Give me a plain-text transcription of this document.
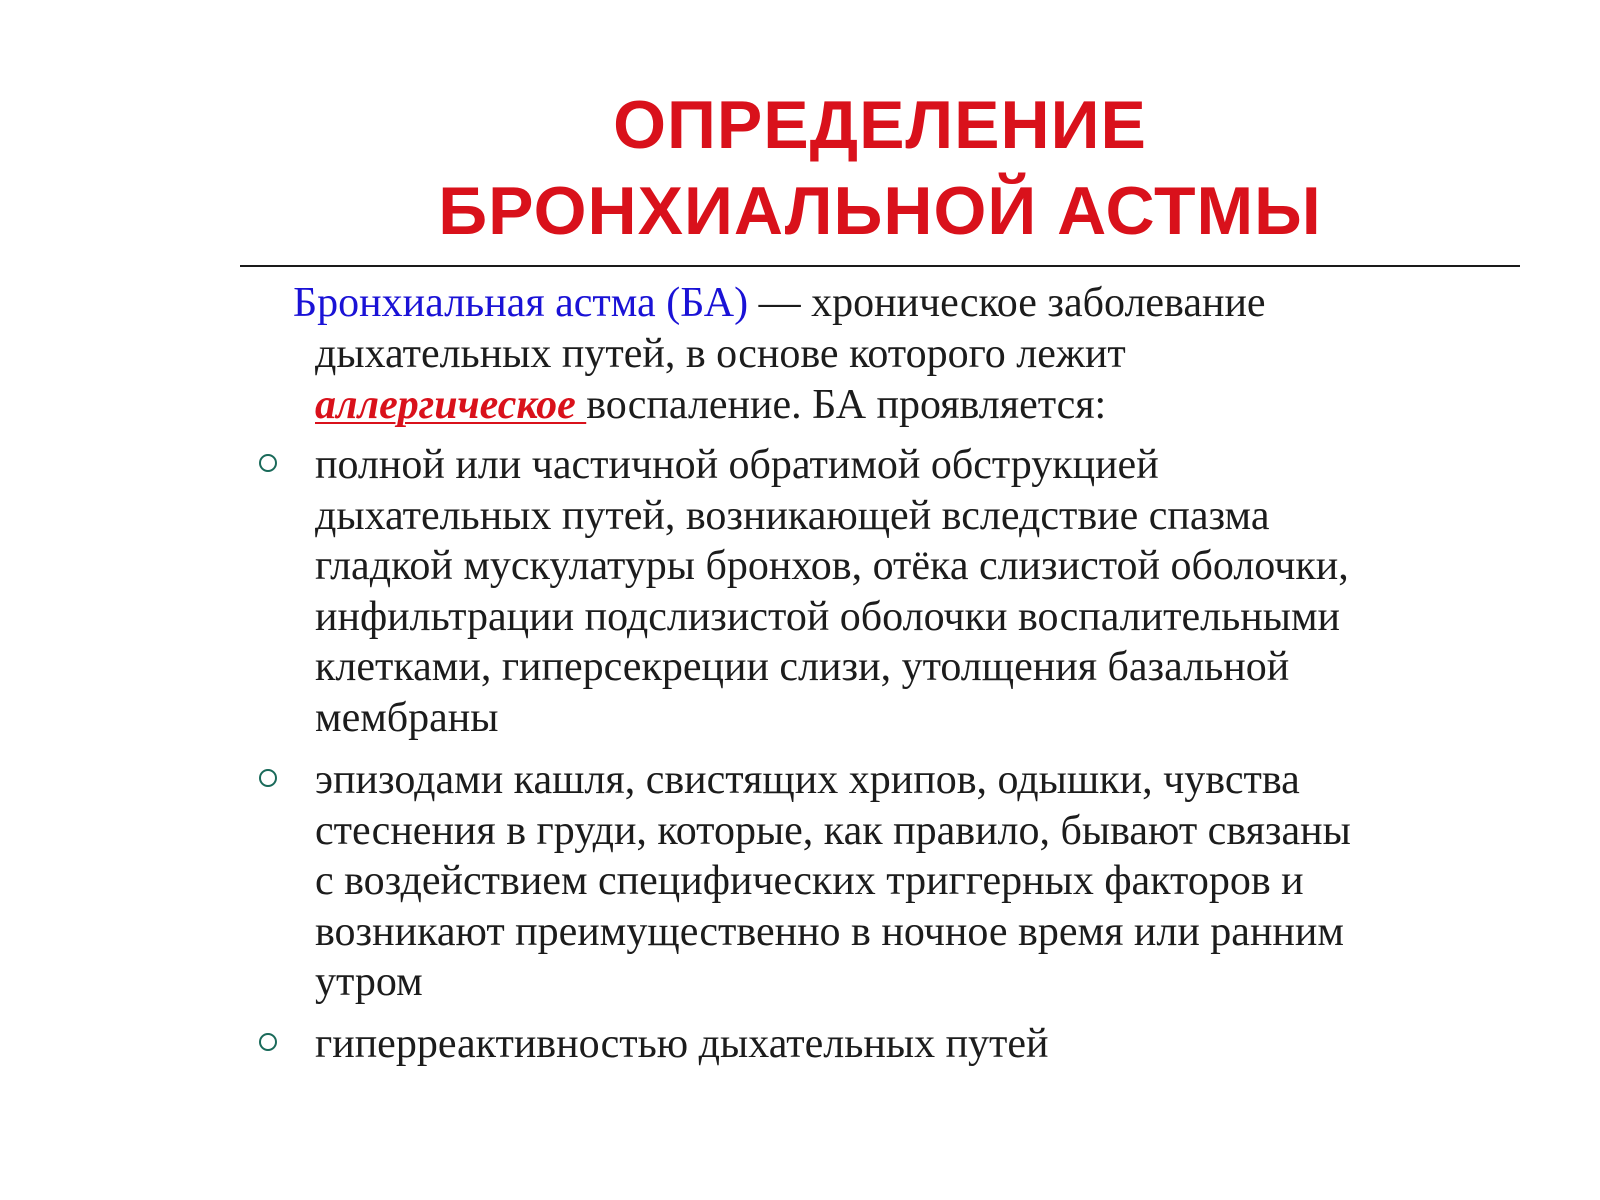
ОПРЕДЕЛЕНИЕ
БРОНХИАЛЬНОЙ АСТМЫ
Бронхиальная астма (БА) — хроническое заболевание
дыхательных путей, в основе которого лежит
аллергическое воспаление. БА проявляется:
полной или частичной обратимой обструкцией
дыхательных путей, возникающей вследствие спазма
гладкой мускулатуры бронхов, отёка слизистой оболочки,
инфильтрации подслизистой оболочки воспалительными
клетками, гиперсекреции слизи, утолщения базальной
мембраны
эпизодами кашля, свистящих хрипов, одышки, чувства
стеснения в груди, которые, как правило, бывают связаны
с воздействием специфических триггерных факторов и
возникают преимущественно в ночное время или ранним
утром
гиперреактивностью дыхательных путей
